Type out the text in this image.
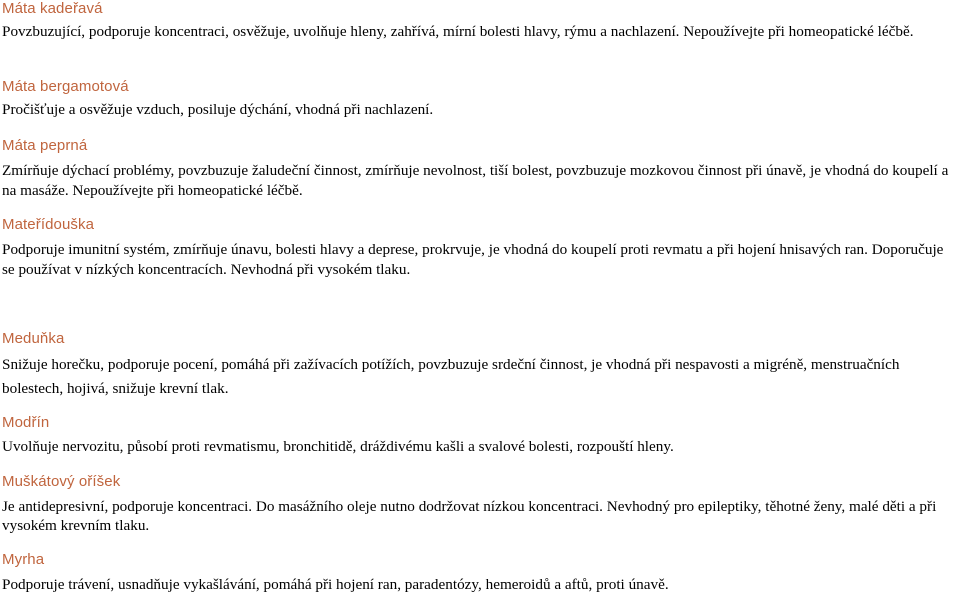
Máta kadeřavá

Povzbuzující, podporuje koncentraci, osvěžuje, uvolňuje hleny, zahřívá, mírní bolesti hlavy, rýmu a nachlazení. Nepoužívejte při homeopatické léčbě.

Máta bergamotová

Pročišťuje a osvěžuje vzduch, posiluje dýchání, vhodná při nachlazení.

Máta peprná

Zmírňuje dýchací problémy, povzbuzuje žaludeční činnost, zmírňuje nevolnost, tiší bolest, povzbuzuje mozkovou činnost při únavě, je vhodná do koupelí a na masáže. Nepoužívejte při homeopatické léčbě.

Mateřídouška

Podporuje imunitní systém, zmírňuje únavu, bolesti hlavy a deprese, prokrvuje, je vhodná do koupelí proti revmatu a při hojení hnisavých ran. Doporučuje se používat v nízkých koncentracích. Nevhodná při vysokém tlaku.

Meduňka

Snižuje horečku, podporuje pocení, pomáhá při zažívacích potížích, povzbuzuje srdeční činnost, je vhodná při nespavosti a migréně, menstruačních bolestech, hojivá, snižuje krevní tlak.

Modřín

Uvolňuje nervozitu, působí proti revmatismu, bronchitidě, dráždivému kašli a svalové bolesti, rozpouští hleny.

Muškátový oříšek

Je antidepresivní, podporuje koncentraci. Do masážního oleje nutno dodržovat nízkou koncentraci. Nevhodný pro epileptiky, těhotné ženy, malé děti a při vysokém krevním tlaku.

Myrha

Podporuje trávení, usnadňuje vykašlávání, pomáhá při hojení ran, paradentózy, hemeroidů a aftů, proti únavě.
